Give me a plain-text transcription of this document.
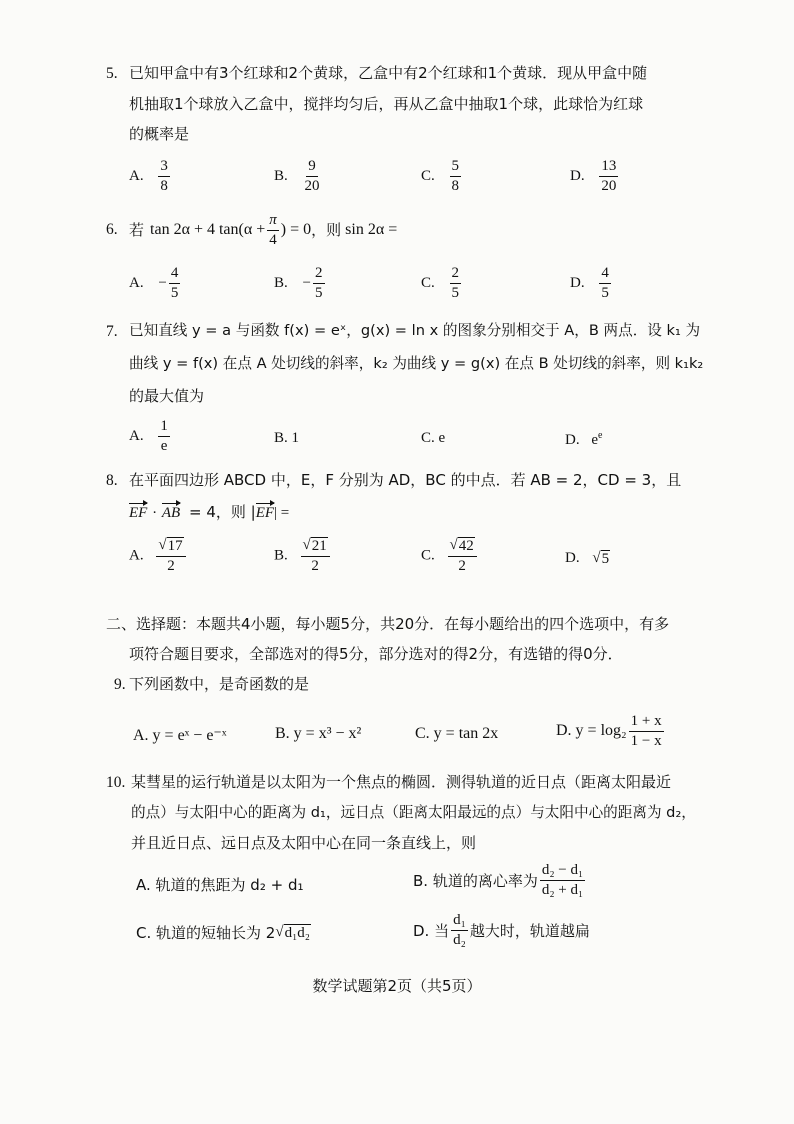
5. 已知甲盒中有3个红球和2个黄球，乙盒中有2个红球和1个黄球．现从甲盒中随
机抽取1个球放入乙盒中，搅拌均匀后，再从乙盒中抽取1个球，此球恰为红球
的概率是
A. $\frac{3}{8}$	B. $\frac{9}{20}$	C. $\frac{5}{8}$	D. $\frac{13}{20}$
6. 若 tan 2α + 4 $\tan(\alpha + \frac{\pi}{4}$ ) = 0 ，则 sin 2α =
A. − $\frac{4}{5}$	B. − $\frac{2}{5}$	C. $\frac{2}{5}$	D. $\frac{4}{5}$
7. 已知直线 y = a 与函数 f(x) = eˣ，g(x) = ln x 的图象分别相交于 A，B 两点．设 k₁ 为
曲线 y = f(x) 在点 A 处切线的斜率，k₂ 为曲线 y = g(x) 在点 B 处切线的斜率，则 k₁k₂
的最大值为
A. $\frac{1}{e}$	B. 1	C. e	D. $e^e$
8. 在平面四边形 ABCD 中，E，F 分别为 AD，BC 的中点．若 AB = 2，CD = 3，且
EF · AB = 4，则 |EF| =
A. $\frac{√ 17}{2}$	B. $\frac{√ 21}{2}$	C. $\frac{√ 42}{2}$	D. √ 5
二、选择题：本题共4小题，每小题5分，共20分．在每小题给出的四个选项中，有多
项符合题目要求，全部选对的得5分，部分选对的得2分，有选错的得0分．
9. 下列函数中，是奇函数的是
A. y = eˣ − e⁻ˣ	B. y = x³ − x²	C. y = tan 2x	D. $y = \log_2 \frac{1 + x}{1 - x}$
10. 某彗星的运行轨道是以太阳为一个焦点的椭圆．测得轨道的近日点（距离太阳最近
的点）与太阳中心的距离为 d₁，远日点（距离太阳最远的点）与太阳中心的距离为 d₂，
并且近日点、远日点及太阳中心在同一条直线上，则
A. 轨道的焦距为 d₂ + d₁	B. 轨道的离心率为 $\frac{\text{d₂ − d₁}}{\text{d₂ + d₁}}$
C. 轨道的短轴长为 2 √ d₁d₂	D. 当 $\frac{\text{d₁}}{\text{d₂}}$ 越大时，轨道越扁
数学试题第2页（共5页）
